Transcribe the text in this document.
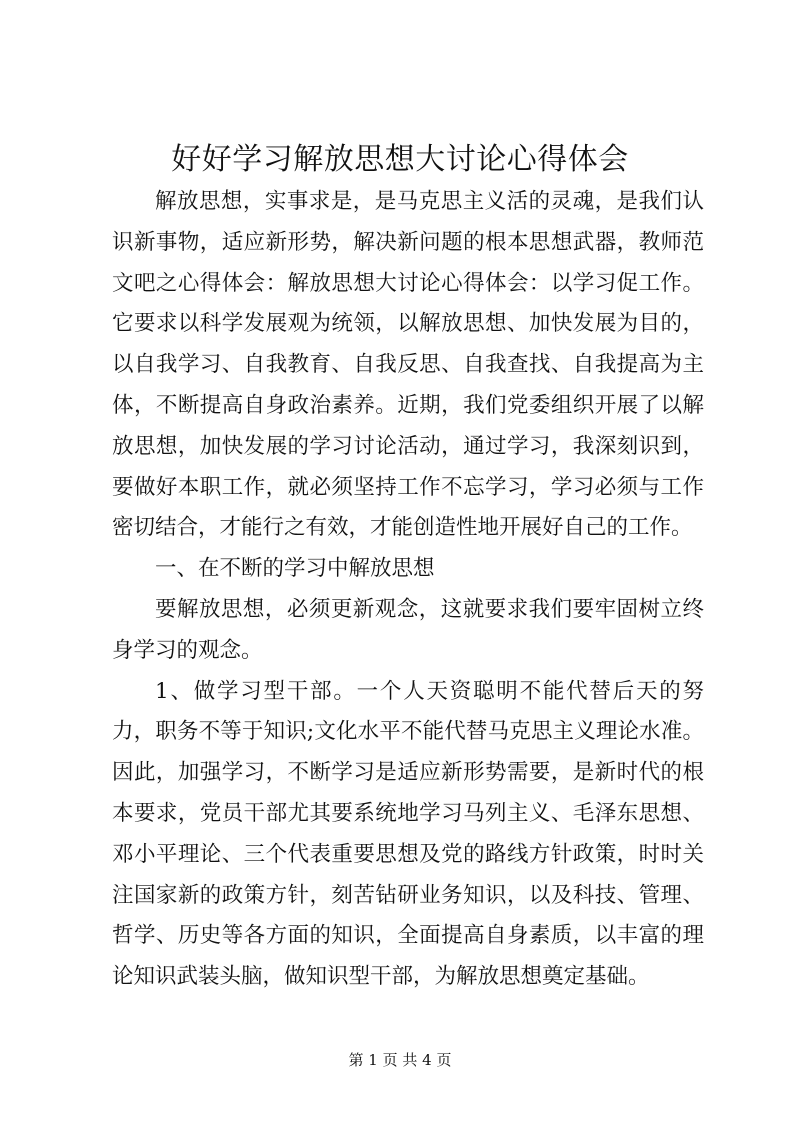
好好学习解放思想大讨论心得体会

解放思想，实事求是，是马克思主义活的灵魂，是我们认识新事物，适应新形势，解决新问题的根本思想武器，教师范文吧之心得体会：解放思想大讨论心得体会：以学习促工作。它要求以科学发展观为统领，以解放思想、加快发展为目的，以自我学习、自我教育、自我反思、自我查找、自我提高为主体，不断提高自身政治素养。近期，我们党委组织开展了以解放思想，加快发展的学习讨论活动，通过学习，我深刻识到，要做好本职工作，就必须坚持工作不忘学习，学习必须与工作密切结合，才能行之有效，才能创造性地开展好自己的工作。

一、在不断的学习中解放思想

要解放思想，必须更新观念，这就要求我们要牢固树立终身学习的观念。

1、做学习型干部。一个人天资聪明不能代替后天的努力，职务不等于知识;文化水平不能代替马克思主义理论水准。因此，加强学习，不断学习是适应新形势需要，是新时代的根本要求，党员干部尤其要系统地学习马列主义、毛泽东思想、邓小平理论、三个代表重要思想及党的路线方针政策，时时关注国家新的政策方针，刻苦钻研业务知识，以及科技、管理、哲学、历史等各方面的知识，全面提高自身素质，以丰富的理论知识武装头脑，做知识型干部，为解放思想奠定基础。

第 1 页 共 4 页
